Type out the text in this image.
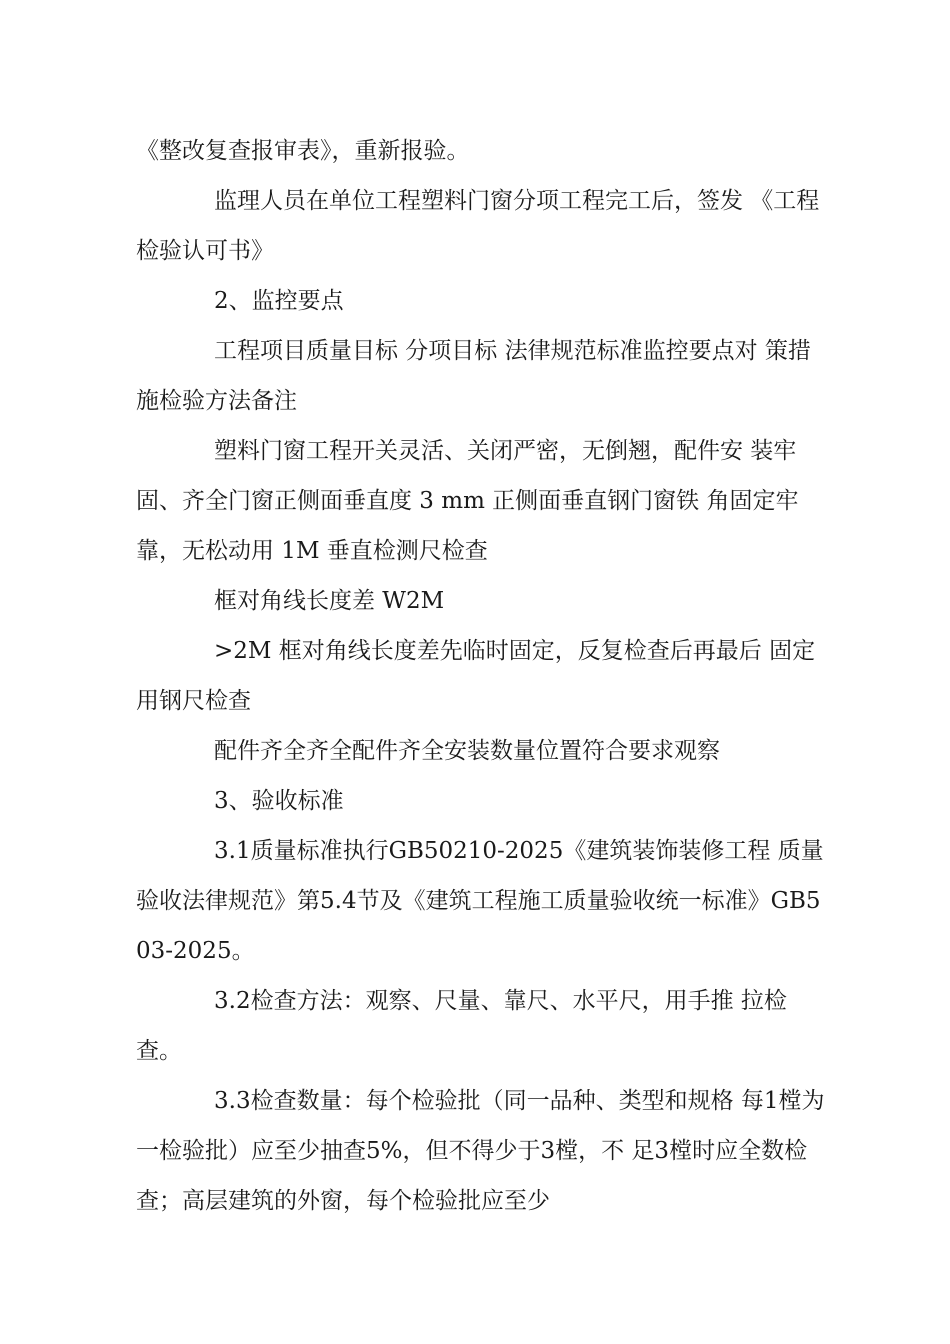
《整改复查报审表》，重新报验。

监理人员在单位工程塑料门窗分项工程完工后，签发 《工程检验认可书》

2、监控要点

工程项目质量目标 分项目标 法律规范标准监控要点对 策措施检验方法备注

塑料门窗工程开关灵活、关闭严密，无倒翘，配件安 装牢固、齐全门窗正侧面垂直度 3 mm 正侧面垂直钢门窗铁 角固定牢靠，无松动用 1M 垂直检测尺检查

框对角线长度差 W2M

>2M 框对角线长度差先临时固定，反复检查后再最后 固定用钢尺检查

配件齐全齐全配件齐全安装数量位置符合要求观察

3、验收标准

3.1质量标准执行GB50210-2025《建筑装饰装修工程 质量验收法律规范》第5.4节及《建筑工程施工质量验收统一标准》GB503-2025。

3.2检查方法：观察、尺量、靠尺、水平尺，用手推 拉检查。

3.3检查数量：每个检验批（同一品种、类型和规格 每1樘为一检验批）应至少抽查5%，但不得少于3樘，不 足3樘时应全数检查；高层建筑的外窗，每个检验批应至少
